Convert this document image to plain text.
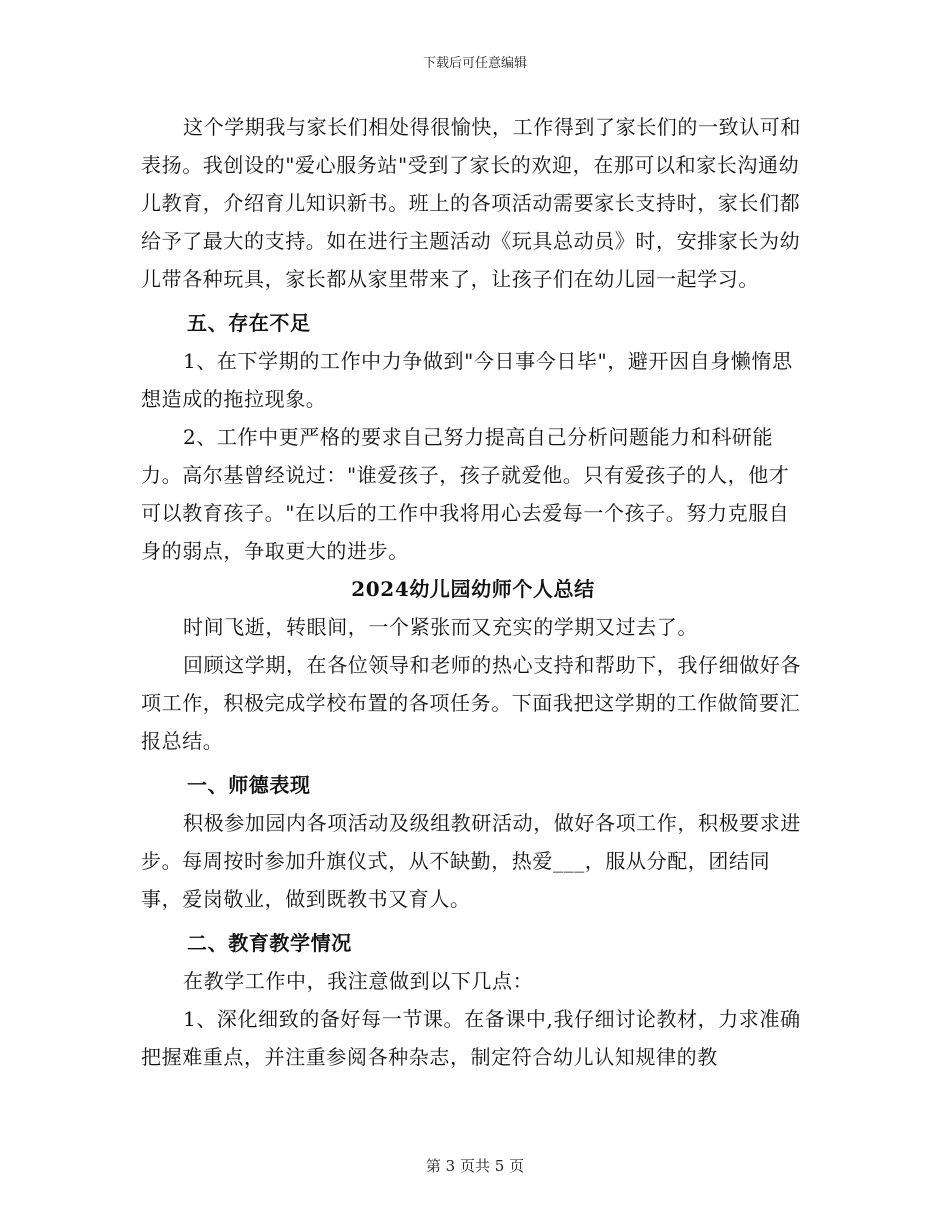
下载后可任意编辑

这个学期我与家长们相处得很愉快，工作得到了家长们的一致认可和表扬。我创设的"爱心服务站"受到了家长的欢迎，在那可以和家长沟通幼儿教育，介绍育儿知识新书。班上的各项活动需要家长支持时，家长们都给予了最大的支持。如在进行主题活动《玩具总动员》时，安排家长为幼儿带各种玩具，家长都从家里带来了，让孩子们在幼儿园一起学习。

五、存在不足

1、在下学期的工作中力争做到"今日事今日毕"，避开因自身懒惰思想造成的拖拉现象。

2、工作中更严格的要求自己努力提高自己分析问题能力和科研能力。高尔基曾经说过："谁爱孩子，孩子就爱他。只有爱孩子的人，他才可以教育孩子。"在以后的工作中我将用心去爱每一个孩子。努力克服自身的弱点，争取更大的进步。

2024幼儿园幼师个人总结

时间飞逝，转眼间，一个紧张而又充实的学期又过去了。

回顾这学期，在各位领导和老师的热心支持和帮助下，我仔细做好各项工作，积极完成学校布置的各项任务。下面我把这学期的工作做简要汇报总结。

一、师德表现

积极参加园内各项活动及级组教研活动，做好各项工作，积极要求进步。每周按时参加升旗仪式，从不缺勤，热爱___，服从分配，团结同事，爱岗敬业，做到既教书又育人。

二、教育教学情况

在教学工作中，我注意做到以下几点：

1、深化细致的备好每一节课。在备课中,我仔细讨论教材，力求准确把握难重点，并注重参阅各种杂志，制定符合幼儿认知规律的教

第 3 页共 5 页
